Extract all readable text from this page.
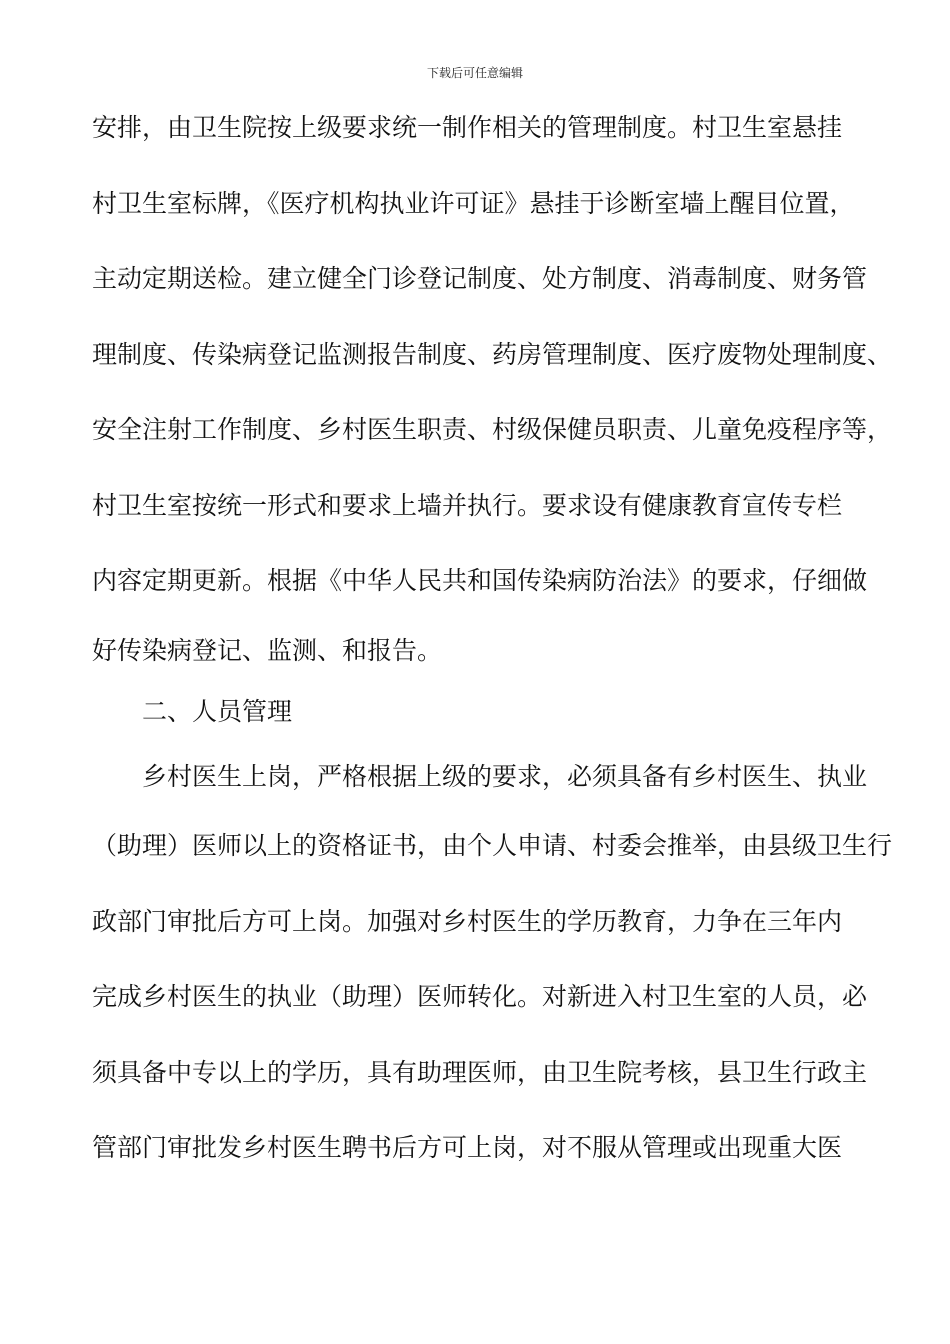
下载后可任意编辑
安排，由卫生院按上级要求统一制作相关的管理制度。村卫生室悬挂
村卫生室标牌，《医疗机构执业许可证》悬挂于诊断室墙上醒目位置，
主动定期送检。建立健全门诊登记制度、处方制度、消毒制度、财务管
理制度、传染病登记监测报告制度、药房管理制度、医疗废物处理制度、
安全注射工作制度、乡村医生职责、村级保健员职责、儿童免疫程序等，
村卫生室按统一形式和要求上墙并执行。要求设有健康教育宣传专栏
内容定期更新。根据《中华人民共和国传染病防治法》的要求，仔细做
好传染病登记、监测、和报告。
二、人员管理
乡村医生上岗，严格根据上级的要求，必须具备有乡村医生、执业
（助理）医师以上的资格证书，由个人申请、村委会推举，由县级卫生行
政部门审批后方可上岗。加强对乡村医生的学历教育，力争在三年内
完成乡村医生的执业（助理）医师转化。对新进入村卫生室的人员，必
须具备中专以上的学历，具有助理医师，由卫生院考核，县卫生行政主
管部门审批发乡村医生聘书后方可上岗，对不服从管理或出现重大医
